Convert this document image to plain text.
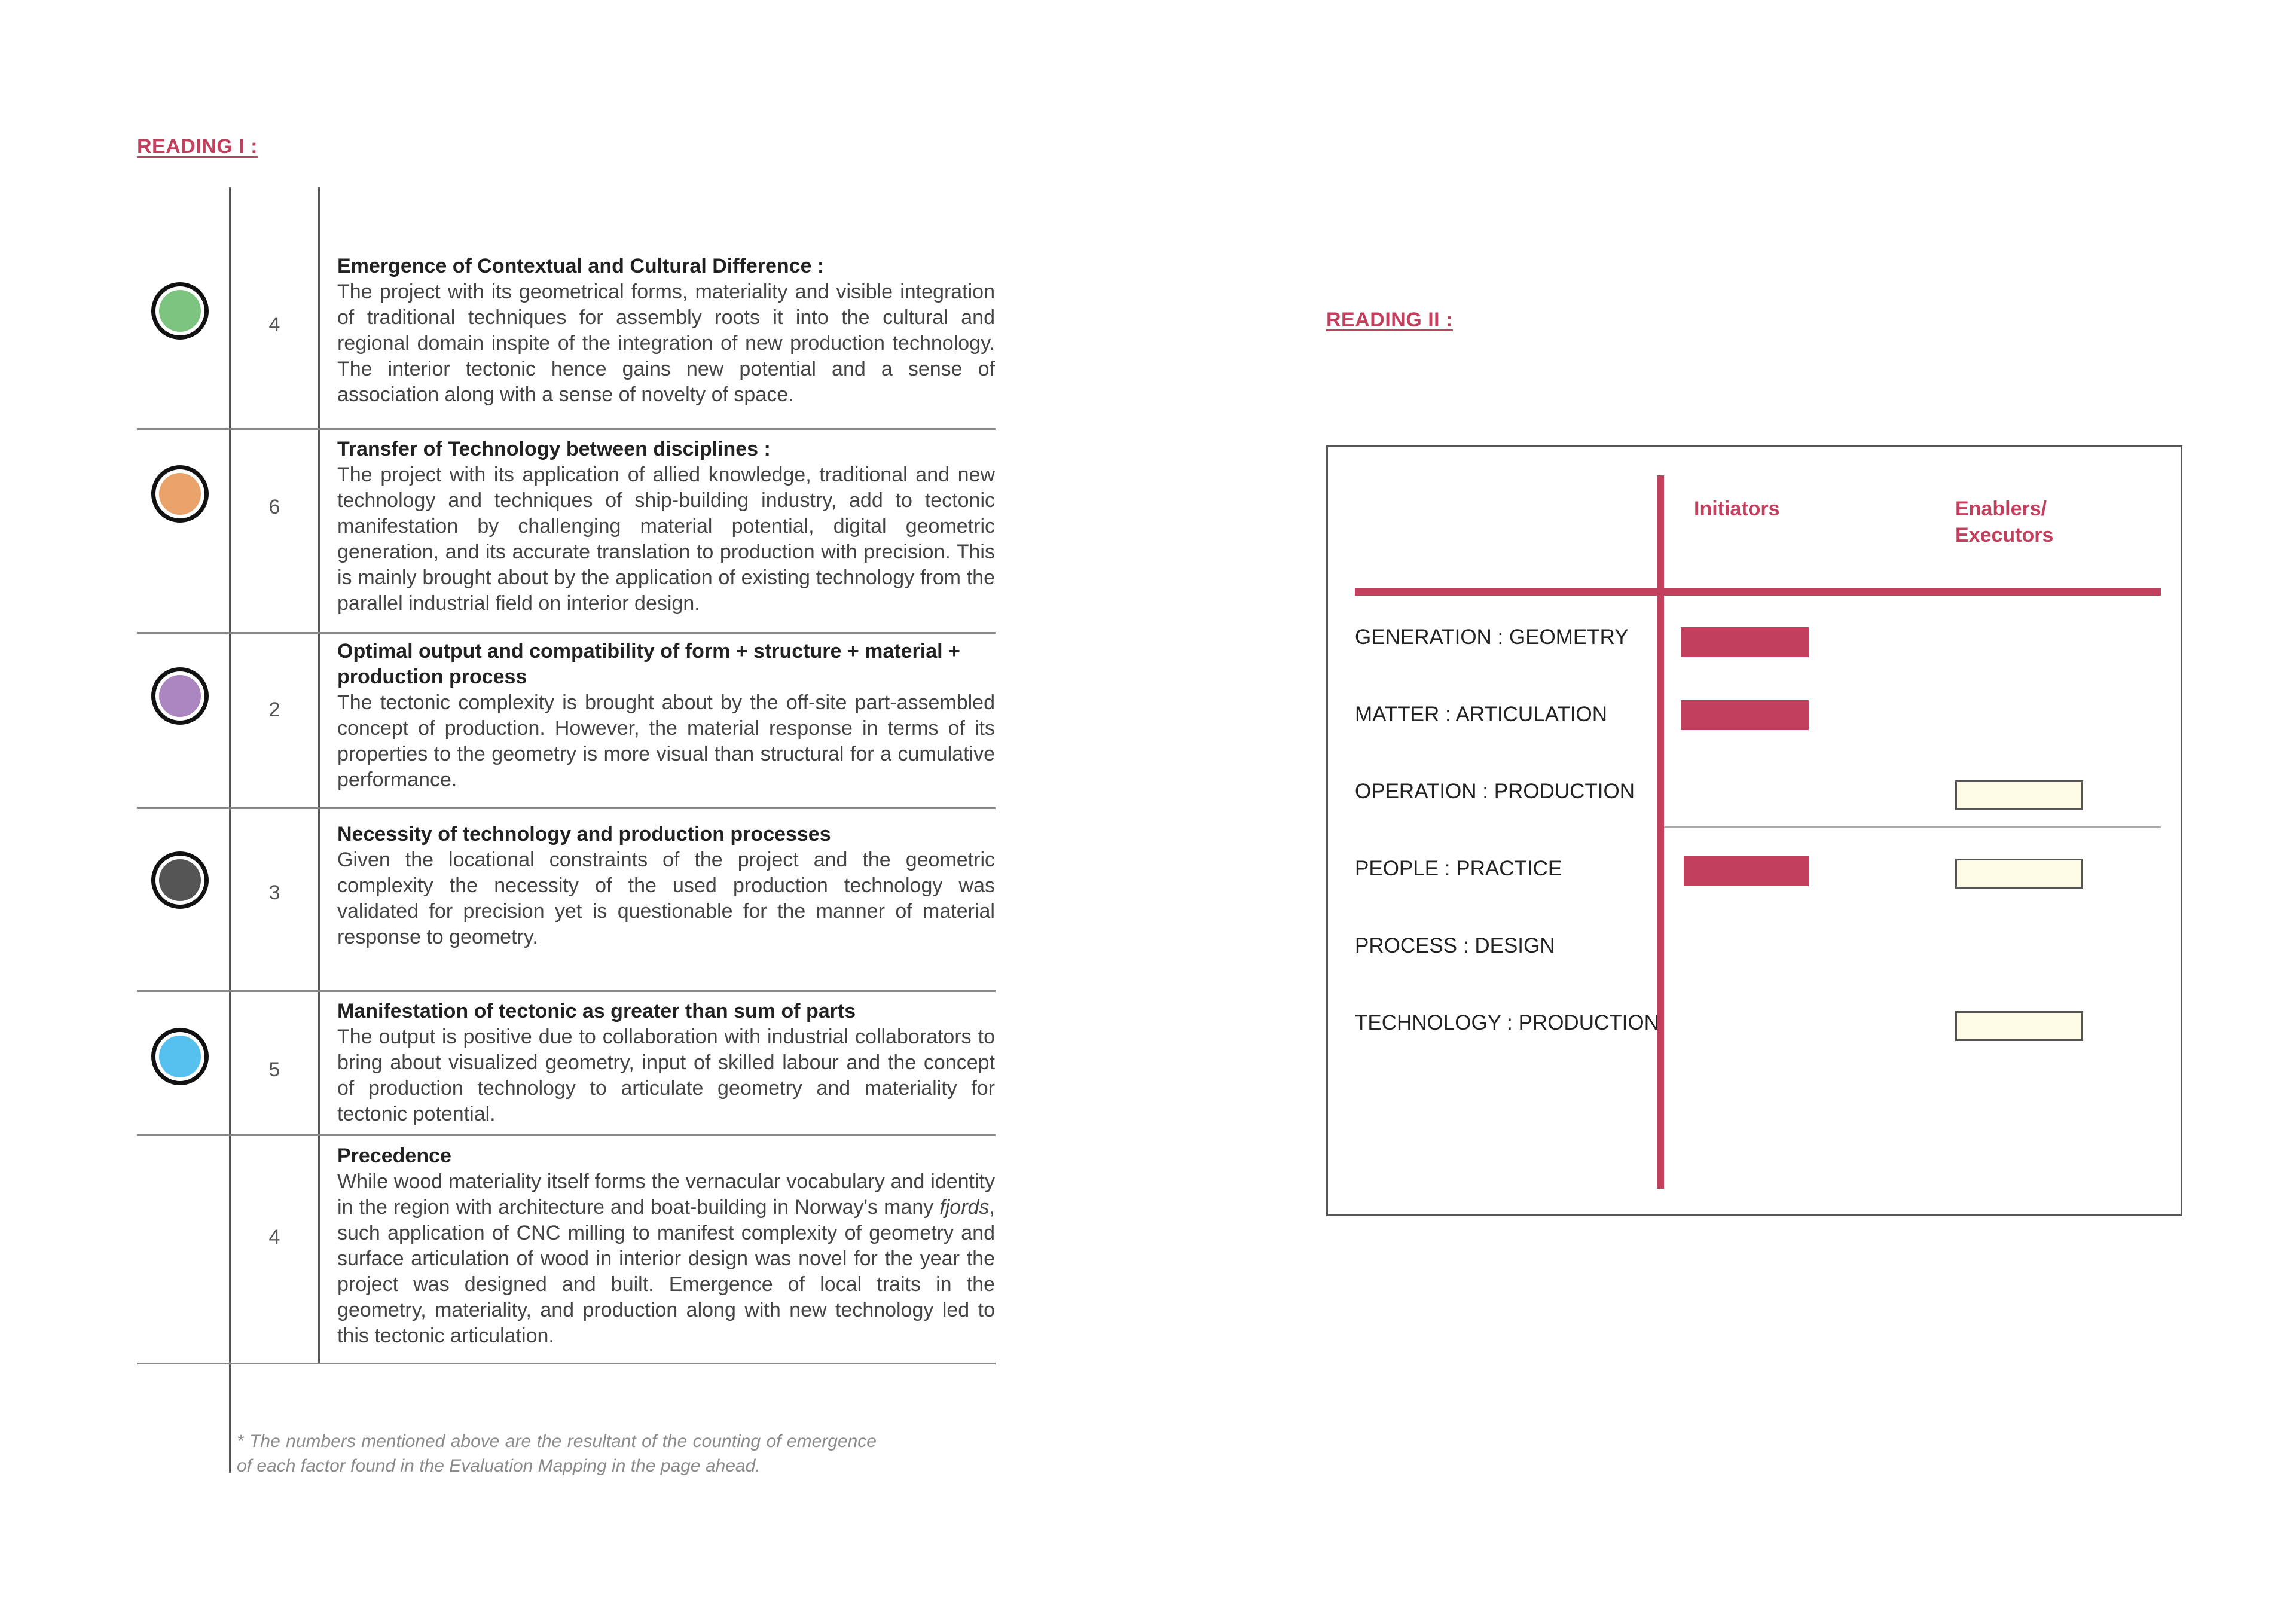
READING I :
4
Emergence of Contextual and Cultural Difference :
The project with its geometrical forms, materiality and visible integration of traditional techniques for assembly roots it into the cultural and regional domain inspite of the integration of new production technology. The interior tectonic hence gains new potential and a sense of association along with a sense of novelty of space.
6
Transfer of Technology between disciplines :
The project with its application of allied knowledge, traditional and new technology and techniques of ship-building industry, add to tectonic manifestation by challenging material potential, digital geometric generation, and its accurate translation to production with precision. This is mainly brought about by the application of existing technology from the parallel industrial field on interior design.
2
Optimal output and compatibility of form + structure + material + production process
The tectonic complexity is brought about by the off-site part-assembled concept of production. However, the material response in terms of its properties to the geometry is more visual than structural for a cumulative performance.
3
Necessity of technology and production processes
Given the locational constraints of the project and the geometric complexity the necessity of the used production technology was validated for precision yet is questionable for the manner of material response to geometry.
5
Manifestation of tectonic as greater than sum of parts
The output is positive due to collaboration with industrial collaborators to bring about visualized geometry, input of skilled labour and the concept of production technology to articulate geometry and materiality for tectonic potential.
4
Precedence
While wood materiality itself forms the vernacular vocabulary and identity in the region with architecture and boat-building in Norway's many fjords, such application of CNC milling to manifest complexity of geometry and surface articulation of wood in interior design was novel for the year the project was designed and built. Emergence of local traits in the geometry, materiality, and production along with new technology led to this tectonic articulation.
* The numbers mentioned above are the resultant of the counting of emergence of each factor found in the Evaluation Mapping in the page ahead.
READING II :
Initiators	Enablers/
Executors
GENERATION : GEOMETRY
MATTER : ARTICULATION
OPERATION : PRODUCTION
PEOPLE : PRACTICE
PROCESS : DESIGN
TECHNOLOGY : PRODUCTION
